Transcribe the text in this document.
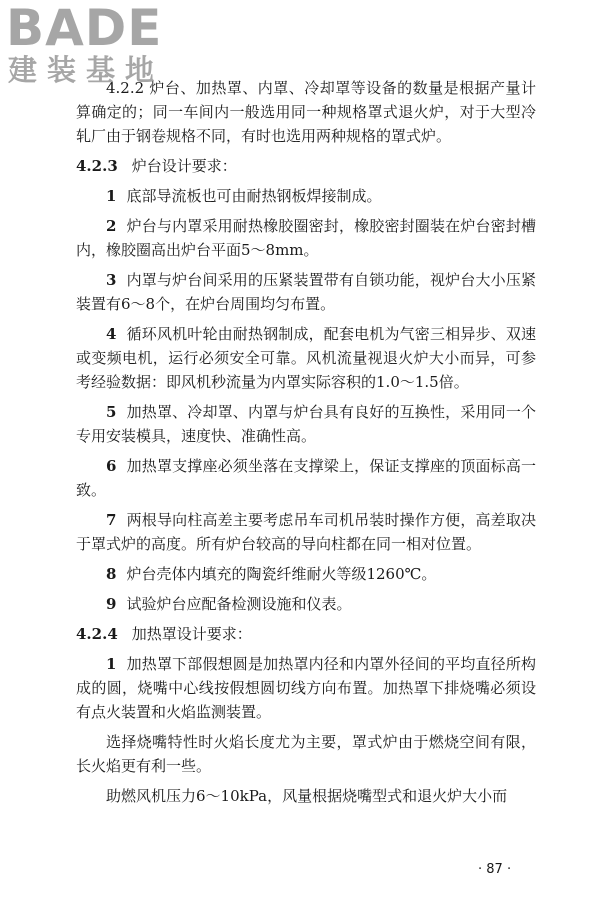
BADE
建装基地

4.2.2 炉台、加热罩、内罩、冷却罩等设备的数量是根据产量计算确定的；同一车间内一般选用同一种规格罩式退火炉，对于大型冷轧厂由于钢卷规格不同，有时也选用两种规格的罩式炉。

4.2.3 炉台设计要求：

1 底部导流板也可由耐热钢板焊接制成。

2 炉台与内罩采用耐热橡胶圈密封，橡胶密封圈装在炉台密封槽内，橡胶圈高出炉台平面5～8mm。

3 内罩与炉台间采用的压紧装置带有自锁功能，视炉台大小压紧装置有6～8个，在炉台周围均匀布置。

4 循环风机叶轮由耐热钢制成，配套电机为气密三相异步、双速或变频电机，运行必须安全可靠。风机流量视退火炉大小而异，可参考经验数据：即风机秒流量为内罩实际容积的1.0～1.5倍。

5 加热罩、冷却罩、内罩与炉台具有良好的互换性，采用同一个专用安装模具，速度快、准确性高。

6 加热罩支撑座必须坐落在支撑梁上，保证支撑座的顶面标高一致。

7 两根导向柱高差主要考虑吊车司机吊装时操作方便，高差取决于罩式炉的高度。所有炉台较高的导向柱都在同一相对位置。

8 炉台壳体内填充的陶瓷纤维耐火等级1260℃。

9 试验炉台应配备检测设施和仪表。

4.2.4 加热罩设计要求：

1 加热罩下部假想圆是加热罩内径和内罩外径间的平均直径所构成的圆，烧嘴中心线按假想圆切线方向布置。加热罩下排烧嘴必须设有点火装置和火焰监测装置。

选择烧嘴特性时火焰长度尤为主要，罩式炉由于燃烧空间有限，长火焰更有利一些。

助燃风机压力6～10kPa，风量根据烧嘴型式和退火炉大小而

· 87 ·
